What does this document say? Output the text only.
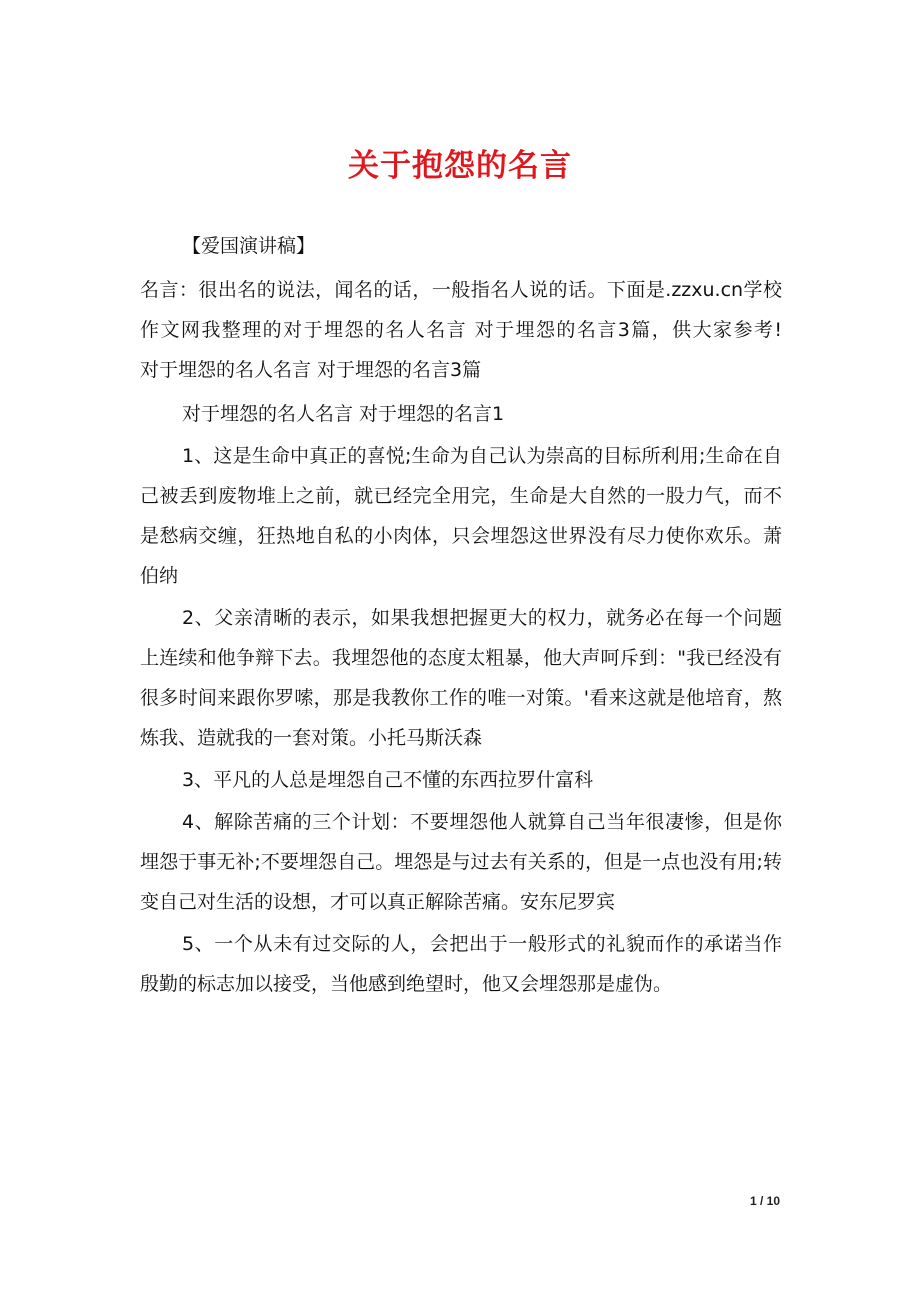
关于抱怨的名言

【爱国演讲稿】

名言：很出名的说法，闻名的话，一般指名人说的话。下面是.zzxu.cn学校作文网我整理的对于埋怨的名人名言 对于埋怨的名言3篇，供大家参考!　　对于埋怨的名人名言 对于埋怨的名言3篇

对于埋怨的名人名言 对于埋怨的名言1

1、这是生命中真正的喜悦;生命为自己认为崇高的目标所利用;生命在自己被丢到废物堆上之前，就已经完全用完，生命是大自然的一股力气，而不是愁病交缠，狂热地自私的小肉体，只会埋怨这世界没有尽力使你欢乐。萧伯纳

2、父亲清晰的表示，如果我想把握更大的权力，就务必在每一个问题上连续和他争辩下去。我埋怨他的态度太粗暴，他大声呵斥到："我已经没有很多时间来跟你罗嗦，那是我教你工作的唯一对策。'看来这就是他培育，熬炼我、造就我的一套对策。小托马斯沃森

3、平凡的人总是埋怨自己不懂的东西拉罗什富科

4、解除苦痛的三个计划：不要埋怨他人就算自己当年很凄惨，但是你埋怨于事无补;不要埋怨自己。埋怨是与过去有关系的，但是一点也没有用;转变自己对生活的设想，才可以真正解除苦痛。安东尼罗宾

5、一个从未有过交际的人，会把出于一般形式的礼貌而作的承诺当作殷勤的标志加以接受，当他感到绝望时，他又会埋怨那是虚伪。

1 / 10
